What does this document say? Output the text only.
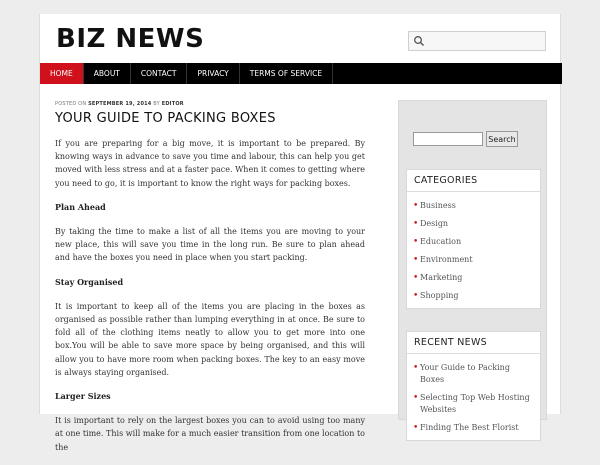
BIZ NEWS
HOME	ABOUT	CONTACT	PRIVACY	TERMS OF SERVICE
POSTED ON SEPTEMBER 19, 2014 BY EDITOR
YOUR GUIDE TO PACKING BOXES

If you are preparing for a big move, it is important to be prepared. By knowing ways in advance to save you time and labour, this can help you get moved with less stress and at a faster pace. When it comes to getting where you need to go, it is important to know the right ways for packing boxes.

Plan Ahead

By taking the time to make a list of all the items you are moving to your new place, this will save you time in the long run. Be sure to plan ahead and have the boxes you need in place when you start packing.

Stay Organised

It is important to keep all of the items you are placing in the boxes as organised as possible rather than lumping everything in at once. Be sure to fold all of the clothing items neatly to allow you to get more into one box.You will be able to save more space by being organised, and this will allow you to have more room when packing boxes. The key to an easy move is always staying organised.

Larger Sizes

It is important to rely on the largest boxes you can to avoid using too many at one time. This will make for a much easier transition from one location to the

Search
CATEGORIES
• Business
• Design
• Education
• Environment
• Marketing
• Shopping
RECENT NEWS
• Your Guide to Packing Boxes
• Selecting Top Web Hosting Websites
• Finding The Best Florist
